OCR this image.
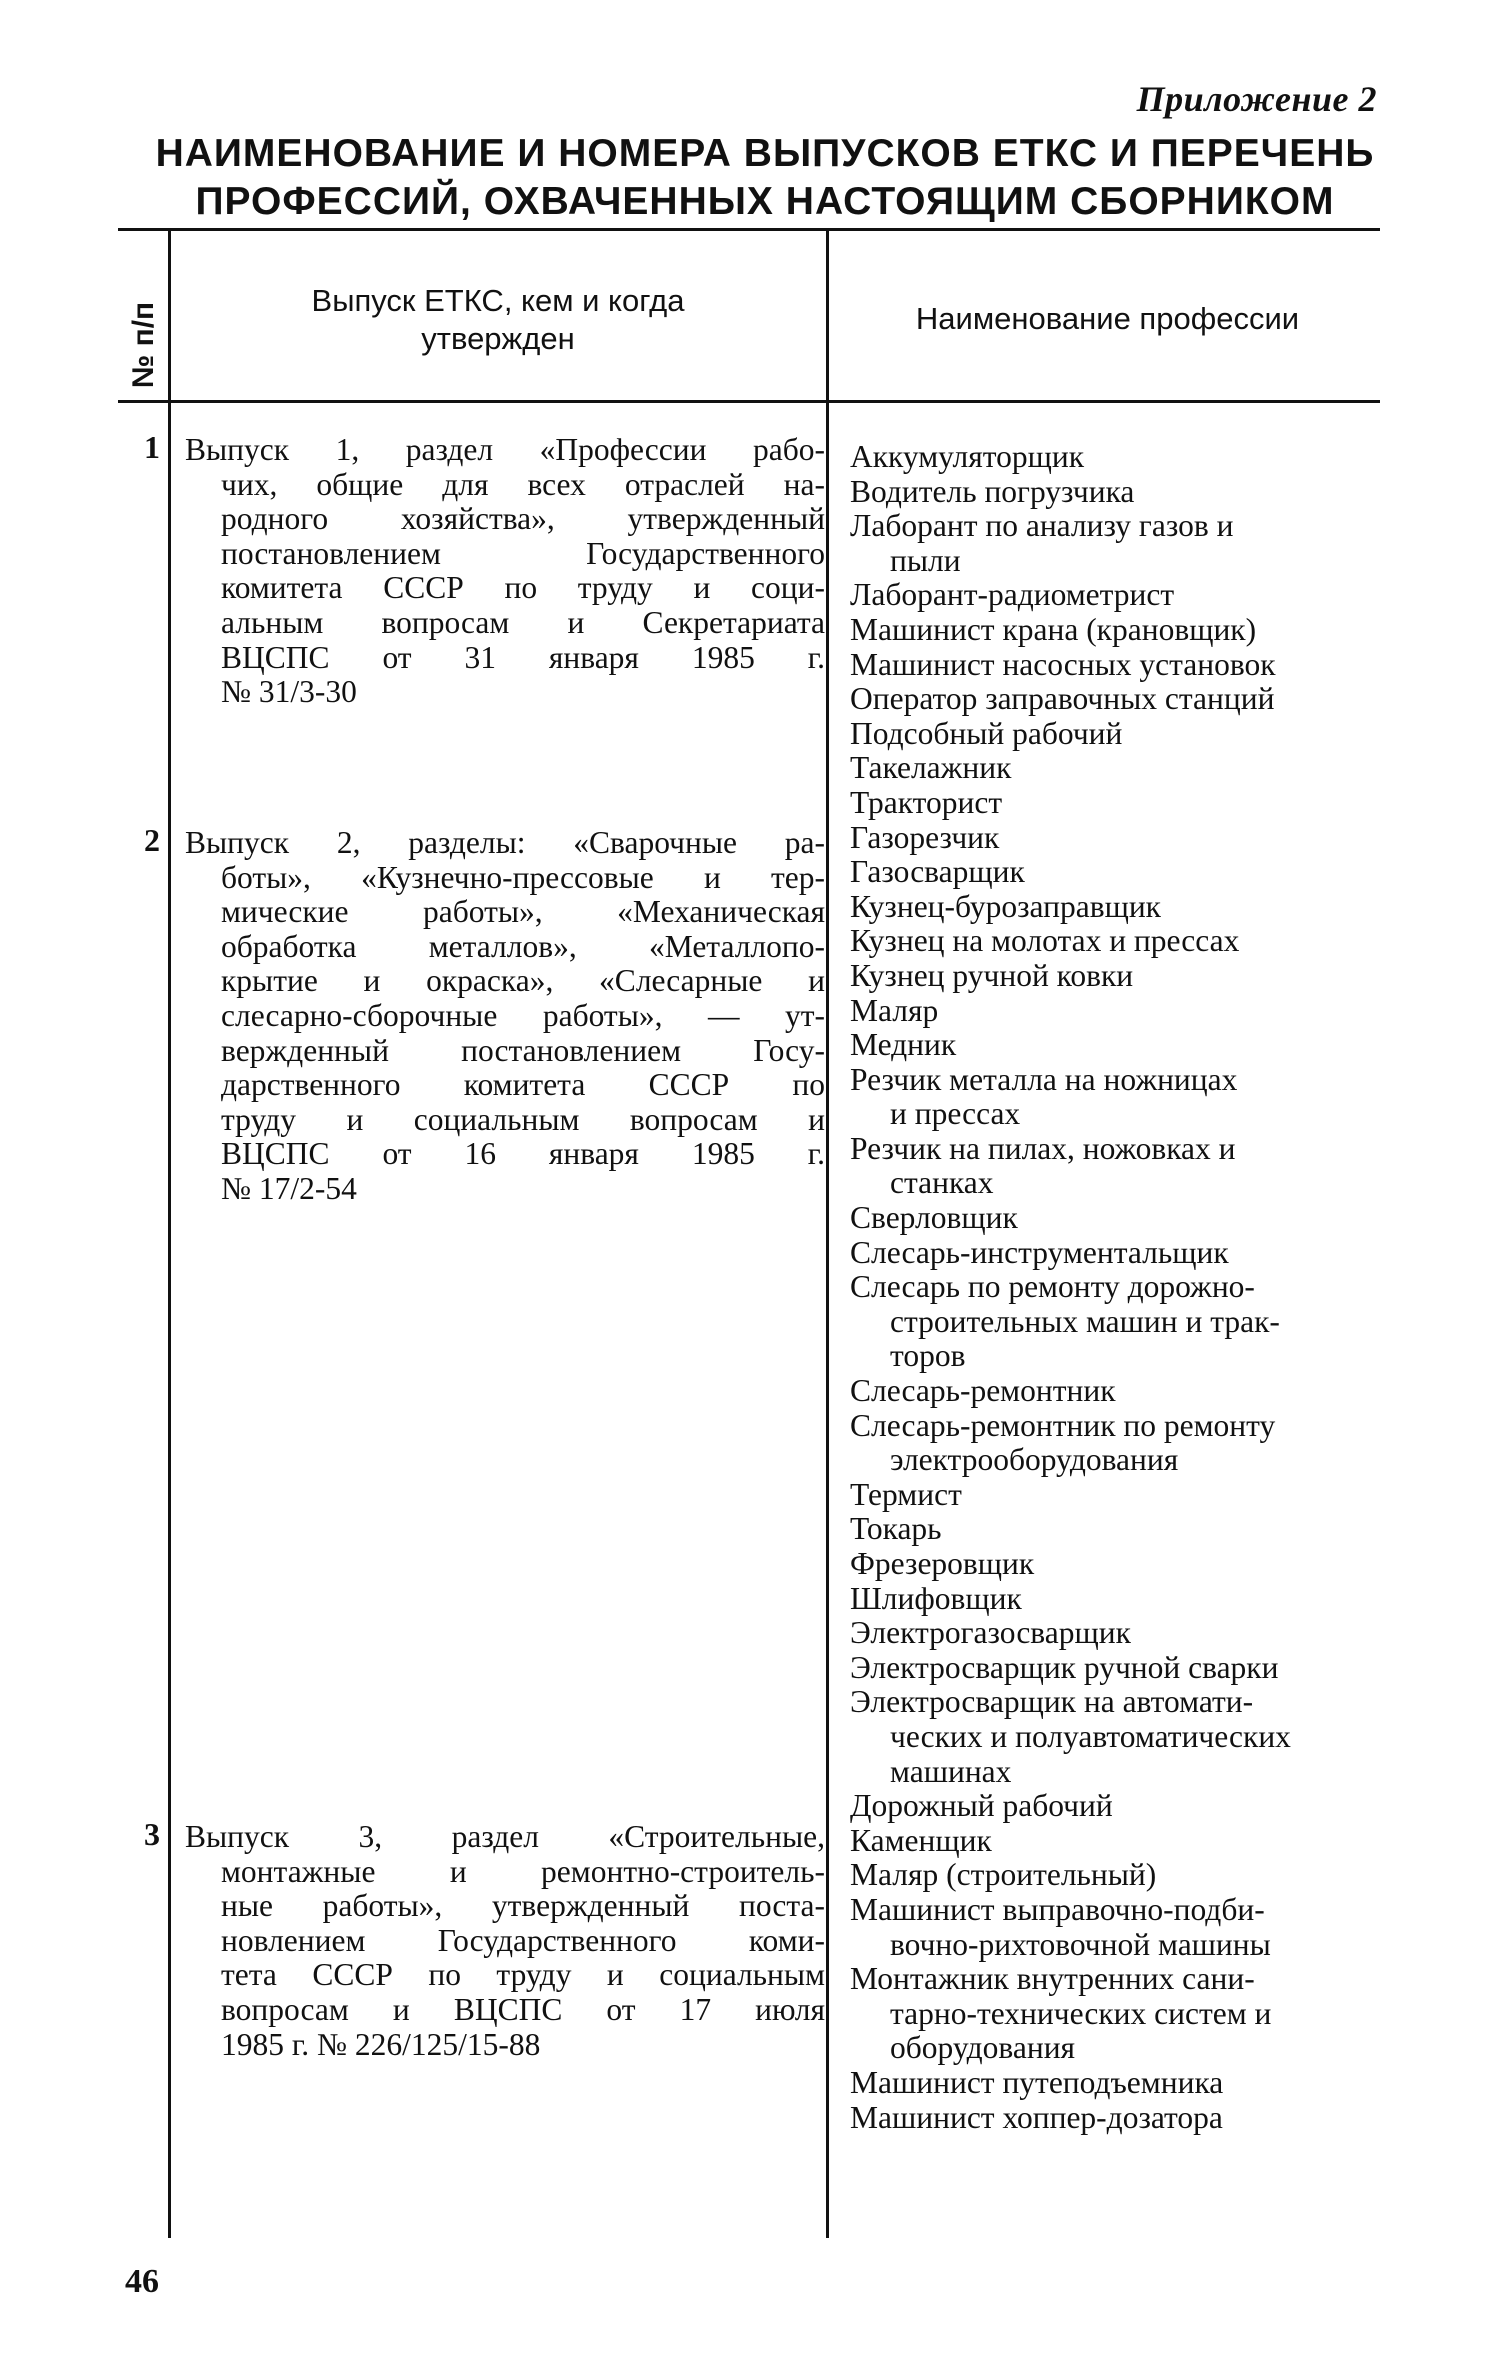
Приложение 2
НАИМЕНОВАНИЕ И НОМЕРА ВЫПУСКОВ ЕТКС И ПЕРЕЧЕНЬ
ПРОФЕССИЙ, ОХВАЧЕННЫХ НАСТОЯЩИМ СБОРНИКОМ
№ п/п
Выпуск ЕТКС, кем и когда
утвержден
Наименование профессии
1
2
3
Выпуск 1, раздел «Профессии рабо-
чих, общие для всех отраслей на-
родного хозяйства», утвержденный
постановлением Государственного
комитета СССР по труду и соци-
альным вопросам и Секретариата
ВЦСПС от 31 января 1985 г.
№ 31/3-30
Выпуск 2, разделы: «Сварочные ра-
боты», «Кузнечно-прессовые и тер-
мические работы», «Механическая
обработка металлов», «Металлопо-
крытие и окраска», «Слесарные и
слесарно-сборочные работы», — ут-
вержденный постановлением Госу-
дарственного комитета СССР по
труду и социальным вопросам и
ВЦСПС от 16 января 1985 г.
№ 17/2-54
Выпуск 3, раздел «Строительные,
монтажные и ремонтно-строитель-
ные работы», утвержденный поста-
новлением Государственного коми-
тета СССР по труду и социальным
вопросам и ВЦСПС от 17 июля
1985 г. № 226/125/15-88
Аккумуляторщик
Водитель погрузчика
Лаборант по анализу газов и
пыли
Лаборант-радиометрист
Машинист крана (крановщик)
Машинист насосных установок
Оператор заправочных станций
Подсобный рабочий
Такелажник
Тракторист
Газорезчик
Газосварщик
Кузнец-бурозаправщик
Кузнец на молотах и прессах
Кузнец ручной ковки
Маляр
Медник
Резчик металла на ножницах
и прессах
Резчик на пилах, ножовках и
станках
Сверловщик
Слесарь-инструментальщик
Слесарь по ремонту дорожно-
строительных машин и трак-
торов
Слесарь-ремонтник
Слесарь-ремонтник по ремонту
электрооборудования
Термист
Токарь
Фрезеровщик
Шлифовщик
Электрогазосварщик
Электросварщик ручной сварки
Электросварщик на автомати-
ческих и полуавтоматических
машинах
Дорожный рабочий
Каменщик
Маляр (строительный)
Машинист выправочно-подби-
вочно-рихтовочной машины
Монтажник внутренних сани-
тарно-технических систем и
оборудования
Машинист путеподъемника
Машинист хоппер-дозатора
46
